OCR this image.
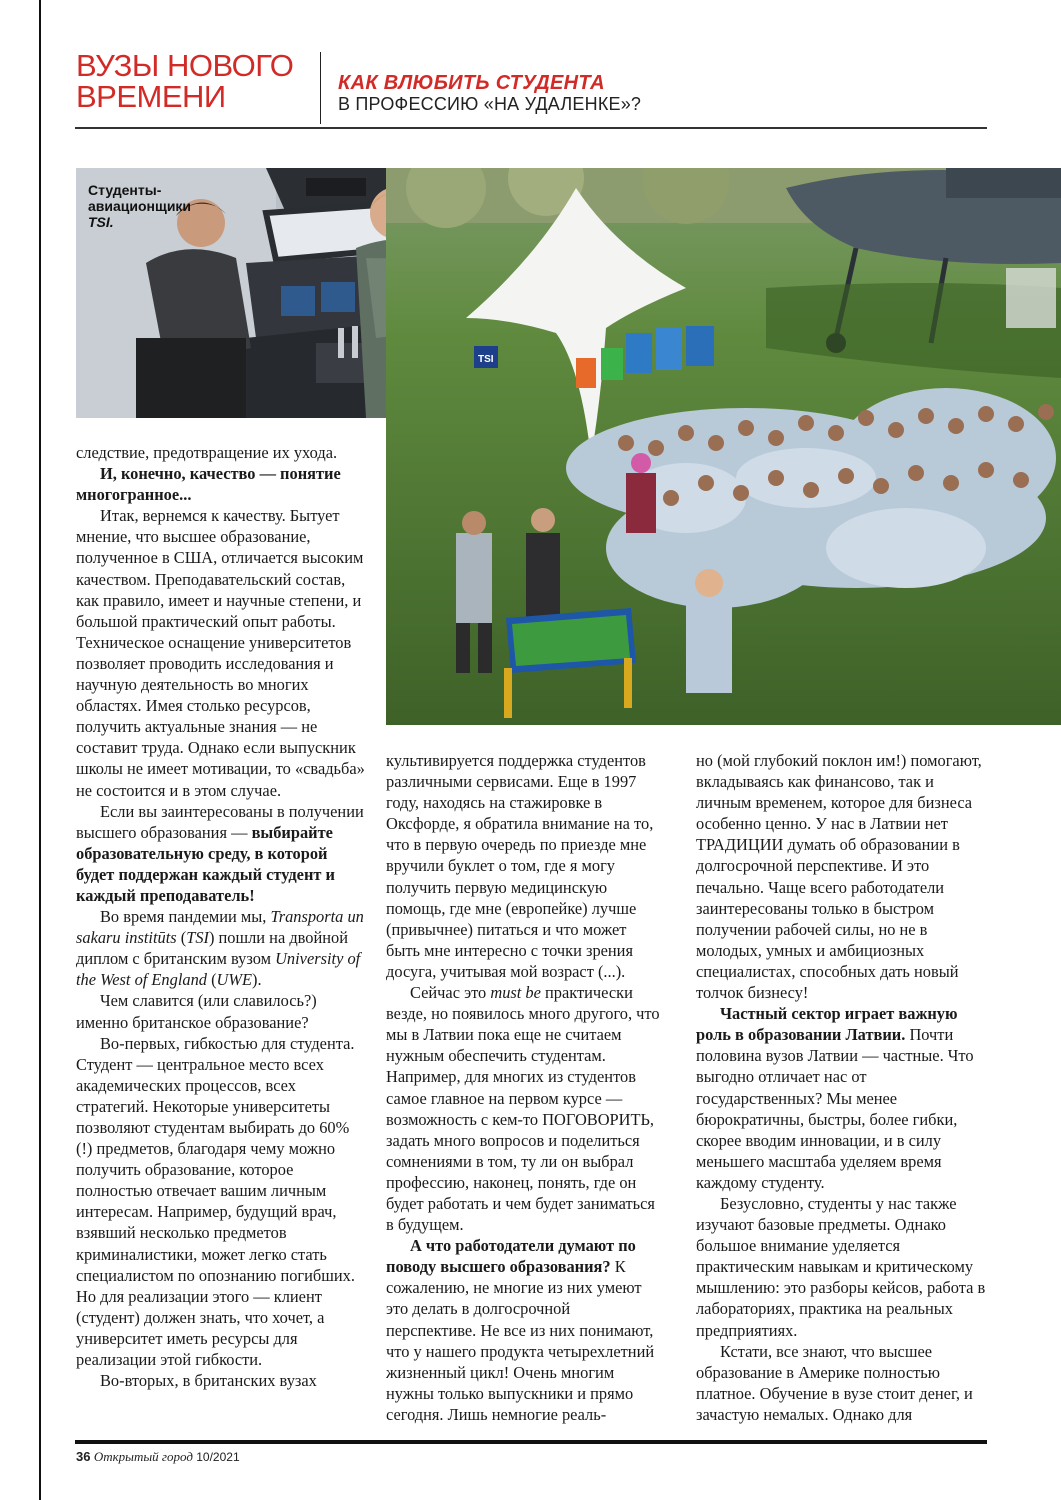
ВУЗЫ НОВОГО
ВРЕМЕНИ	КАК ВЛЮБИТЬ СТУДЕНТА
В ПРОФЕССИЮ «НА УДАЛЕНКЕ»?
Студенты-
авиационщики
TSI.
TSI

следствие, предотвращение их ухода.

И, конечно, качество — понятие многогранное...

Итак, вернемся к качеству. Бытует мнение, что высшее образование, полученное в США, отличается высоким качеством. Преподавательский состав, как правило, имеет и научные степени, и большой практический опыт работы. Техническое оснащение университетов позволяет проводить исследования и научную деятельность во многих областях. Имея столько ресурсов, получить актуальные знания — не составит труда. Однако если выпускник школы не имеет мотивации, то «свадьба» не состоится и в этом случае.

Если вы заинтересованы в получении высшего образования — выбирайте образовательную среду, в которой будет поддержан каждый студент и каждый преподаватель!

Во время пандемии мы, Transporta un sakaru institūts (TSI) пошли на двойной диплом с британским вузом University of the West of England (UWE).

Чем славится (или славилось?) именно британское образование?

Во-первых, гибкостью для студента. Студент — центральное место всех академических процессов, всех стратегий. Некоторые университеты позволяют студентам выбирать до 60% (!) предметов, благодаря чему можно получить образование, которое полностью отвечает вашим личным интересам. Например, будущий врач, взявший несколько предметов криминалистики, может легко стать специалистом по опознанию погибших. Но для реализации этого — клиент (студент) должен знать, что хочет, а университет иметь ресурсы для реализации этой гибкости.

Во-вторых, в британских вузах

культивируется поддержка студентов различными сервисами. Еще в 1997 году, находясь на стажировке в Оксфорде, я обратила внимание на то, что в первую очередь по приезде мне вручили буклет о том, где я могу получить первую медицинскую помощь, где мне (европейке) лучше (привычнее) питаться и что может быть мне интересно с точки зрения досуга, учитывая мой возраст (...).

Сейчас это must be практически везде, но появилось много другого, что мы в Латвии пока еще не считаем нужным обеспечить студентам. Например, для многих из студентов самое главное на первом курсе — возможность с кем-то ПОГОВОРИТЬ, задать много вопросов и поделиться сомнениями в том, ту ли он выбрал профессию, наконец, понять, где он будет работать и чем будет заниматься в будущем.

А что работодатели думают по поводу высшего образования? К сожалению, не многие из них умеют это делать в долгосрочной перспективе. Не все из них понимают, что у нашего продукта четырехлетний жизненный цикл! Очень многим нужны только выпускники и прямо сегодня. Лишь немногие реаль-

но (мой глубокий поклон им!) помогают, вкладываясь как финансово, так и личным временем, которое для бизнеса особенно ценно. У нас в Латвии нет ТРАДИЦИИ думать об образовании в долгосрочной перспективе. И это печально. Чаще всего работодатели заинтересованы только в быстром получении рабочей силы, но не в молодых, умных и амбициозных специалистах, способных дать новый толчок бизнесу!

Частный сектор играет важную роль в образовании Латвии. Почти половина вузов Латвии — частные. Что выгодно отличает нас от государственных? Мы менее бюрократичны, быстры, более гибки, скорее вводим инновации, и в силу меньшего масштаба уделяем время каждому студенту.

Безусловно, студенты у нас также изучают базовые предметы. Однако большое внимание уделяется практическим навыкам и критическому мышлению: это разборы кейсов, работа в лабораториях, практика на реальных предприятиях.

Кстати, все знают, что высшее образование в Америке полностью платное. Обучение в вузе стоит денег, и зачастую немалых. Однако для

36 Открытый город 10/2021
